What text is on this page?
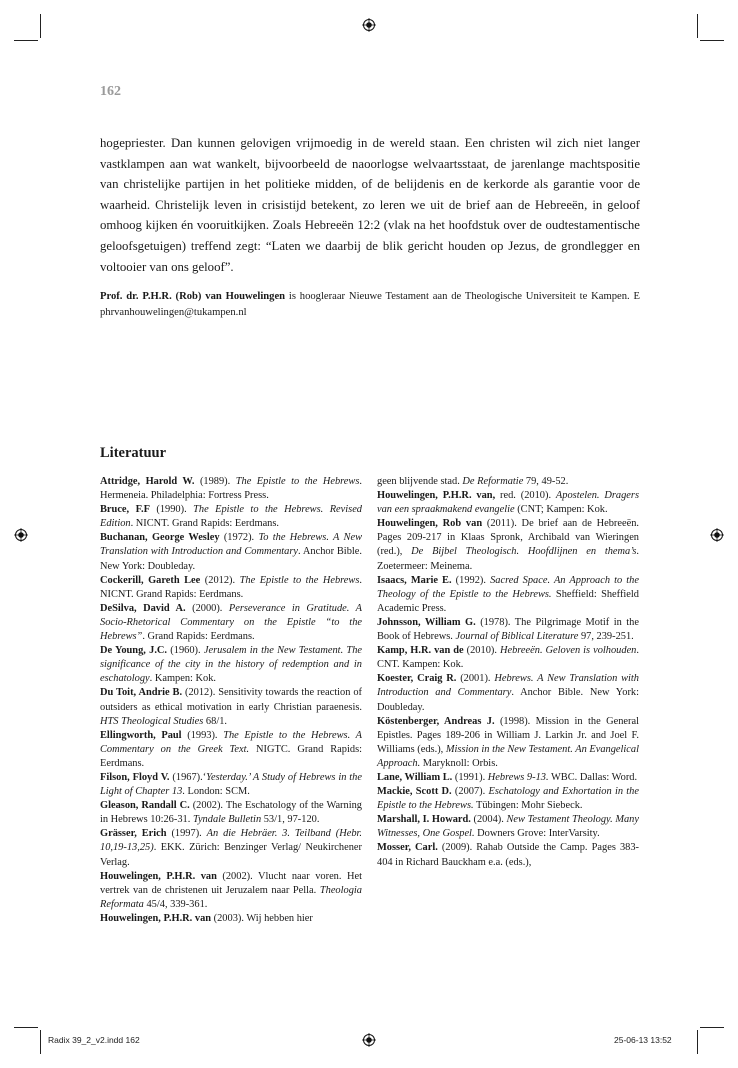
162

hogepriester. Dan kunnen gelovigen vrijmoedig in de wereld staan. Een christen wil zich niet langer vastklampen aan wat wankelt, bijvoorbeeld de naoorlogse welvaartsstaat, de jarenlange machtspositie van christelijke partijen in het politieke midden, of de belijdenis en de kerkorde als garantie voor de waarheid. Christelijk leven in crisistijd betekent, zo leren we uit de brief aan de Hebreeën, in geloof omhoog kijken én vooruitkijken. Zoals Hebreeën 12:2 (vlak na het hoofdstuk over de oudtestamentische geloofsgetuigen) treffend zegt: “Laten we daarbij de blik gericht houden op Jezus, de grondlegger en voltooier van ons geloof”.

Prof. dr. P.H.R. (Rob) van Houwelingen is hoogleraar Nieuwe Testament aan de Theologische Universiteit te Kampen. E phrvanhouwelingen@tukampen.nl
Literatuur
Attridge, Harold W. (1989). The Epistle to the Hebrews. Hermeneia. Philadelphia: Fortress Press.
Bruce, F.F (1990). The Epistle to the Hebrews. Revised Edition. NICNT. Grand Rapids: Eerdmans.
Buchanan, George Wesley (1972). To the Hebrews. A New Translation with Introduction and Commentary. Anchor Bible. New York: Doubleday.
Cockerill, Gareth Lee (2012). The Epistle to the Hebrews. NICNT. Grand Rapids: Eerdmans.
DeSilva, David A. (2000). Perseverance in Gratitude. A Socio-Rhetorical Commentary on the Epistle “to the Hebrews”. Grand Rapids: Eerdmans.
De Young, J.C. (1960). Jerusalem in the New Testament. The significance of the city in the history of redemption and in eschatology. Kampen: Kok.
Du Toit, Andrie B. (2012). Sensitivity towards the reaction of outsiders as ethical motivation in early Christian paraenesis. HTS Theological Studies 68/1.
Ellingworth, Paul (1993). The Epistle to the Hebrews. A Commentary on the Greek Text. NIGTC. Grand Rapids: Eerdmans.
Filson, Floyd V. (1967).‘Yesterday.’ A Study of Hebrews in the Light of Chapter 13. London: SCM.
Gleason, Randall C. (2002). The Eschatology of the Warning in Hebrews 10:26-31. Tyndale Bulletin 53/1, 97-120.
Grässer, Erich (1997). An die Hebräer. 3. Teilband (Hebr. 10,19-13,25). EKK. Zürich: Benzinger Verlag/ Neukirchener Verlag.
Houwelingen, P.H.R. van (2002). Vlucht naar voren. Het vertrek van de christenen uit Jeruzalem naar Pella. Theologia Reformata 45/4, 339-361.
Houwelingen, P.H.R. van (2003). Wij hebben hier
geen blijvende stad. De Reformatie 79, 49-52.
Houwelingen, P.H.R. van, red. (2010). Apostelen. Dragers van een spraakmakend evangelie (CNT; Kampen: Kok.
Houwelingen, Rob van (2011). De brief aan de Hebreeën. Pages 209-217 in Klaas Spronk, Archibald van Wieringen (red.), De Bijbel Theologisch. Hoofdlijnen en thema’s. Zoetermeer: Meinema.
Isaacs, Marie E. (1992). Sacred Space. An Approach to the Theology of the Epistle to the Hebrews. Sheffield: Sheffield Academic Press.
Johnsson, William G. (1978). The Pilgrimage Motif in the Book of Hebrews. Journal of Biblical Literature 97, 239-251.
Kamp, H.R. van de (2010). Hebreeën. Geloven is volhouden. CNT. Kampen: Kok.
Koester, Craig R. (2001). Hebrews. A New Translation with Introduction and Commentary. Anchor Bible. New York: Doubleday.
Köstenberger, Andreas J. (1998). Mission in the General Epistles. Pages 189-206 in William J. Larkin Jr. and Joel F. Williams (eds.), Mission in the New Testament. An Evangelical Approach. Maryknoll: Orbis.
Lane, William L. (1991). Hebrews 9-13. WBC. Dallas: Word.
Mackie, Scott D. (2007). Eschatology and Exhortation in the Epistle to the Hebrews. Tübingen: Mohr Siebeck.
Marshall, I. Howard. (2004). New Testament Theology. Many Witnesses, One Gospel. Downers Grove: InterVarsity.
Mosser, Carl. (2009). Rahab Outside the Camp. Pages 383-404 in Richard Bauckham e.a. (eds.),
Radix 39_2_v2.indd 162	25-06-13 13:52
